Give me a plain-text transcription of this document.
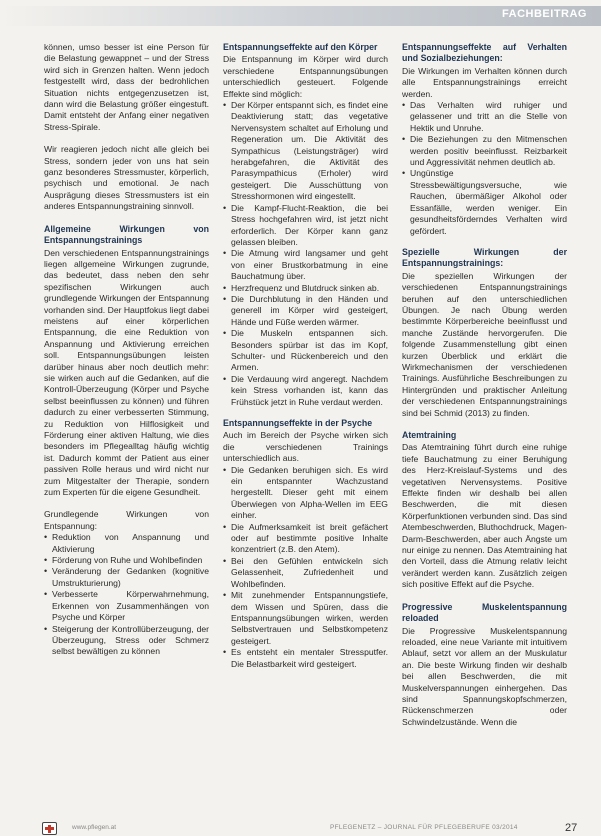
FACHBEITRAG

können, umso besser ist eine Person für die Belastung gewappnet – und der Stress wird sich in Grenzen halten. Wenn jedoch festgestellt wird, dass der bedrohlichen Situation nichts entgegenzusetzen ist, dann wird die Belastung größer eingestuft. Damit entsteht der Anfang einer negativen Stress-Spirale.

Wir reagieren jedoch nicht alle gleich bei Stress, sondern jeder von uns hat sein ganz besonderes Stressmuster, körperlich, psychisch und emotional. Je nach Ausprägung dieses Stressmusters ist ein anderes Entspannungstraining sinnvoll.

Allgemeine Wirkungen von Entspannungstrainings

Den verschiedenen Entspannungstrainings liegen allgemeine Wirkungen zugrunde, das bedeutet, dass neben den sehr spezifischen Wirkungen auch grundlegende Wirkungen der Entspannung vorhanden sind. Der Hauptfokus liegt dabei meistens auf einer körperlichen Entspannung, die eine Reduktion von Anspannung und Aktivierung erreichen soll. Entspannungsübungen leisten darüber hinaus aber noch deutlich mehr: sie wirken auch auf die Gedanken, auf die Kontroll-Überzeugung (Körper und Psyche selbst beeinflussen zu können) und führen dadurch zu einer verbesserten Stimmung, zu Reduktion von Hilflosigkeit und Förderung einer aktiven Haltung, wie dies besonders im Pflegealltag häufig wichtig ist. Dadurch kommt der Patient aus einer passiven Rolle heraus und wird nicht nur zum Mitgestalter der Therapie, sondern zum Experten für die eigene Gesundheit.

Grundlegende Wirkungen von Entspannung:

• Reduktion von Anspannung und Aktivierung
• Förderung von Ruhe und Wohlbefinden
• Veränderung der Gedanken (kognitive Umstrukturierung)
• Verbesserte Körperwahrnehmung, Erkennen von Zusammenhängen von Psyche und Körper
• Steigerung der Kontrollüberzeugung, der Überzeugung, Stress oder Schmerz selbst bewältigen zu können
Entspannungseffekte auf den Körper

Die Entspannung im Körper wird durch verschiedene Entspannungsübungen unterschiedlich gesteuert. Folgende Effekte sind möglich:

• Der Körper entspannt sich, es findet eine Deaktivierung statt; das vegetative Nervensystem schaltet auf Erholung und Regeneration um. Die Aktivität des Sympathicus (Leistungsträger) wird herabgefahren, die Aktivität des Parasympathicus (Erholer) wird gesteigert. Die Ausschüttung von Stresshormonen wird eingestellt.
• Die Kampf-Flucht-Reaktion, die bei Stress hochgefahren wird, ist jetzt nicht erforderlich. Der Körper kann ganz gelassen bleiben.
• Die Atmung wird langsamer und geht von einer Brustkorbatmung in eine Bauchatmung über.
• Herzfrequenz und Blutdruck sinken ab.
• Die Durchblutung in den Händen und generell im Körper wird gesteigert, Hände und Füße werden wärmer.
• Die Muskeln entspannen sich. Besonders spürbar ist das im Kopf, Schulter- und Rückenbereich und den Armen.
• Die Verdauung wird angeregt. Nachdem kein Stress vorhanden ist, kann das Frühstück jetzt in Ruhe verdaut werden.
Entspannungseffekte in der Psyche

Auch im Bereich der Psyche wirken sich die verschiedenen Trainings unterschiedlich aus.

• Die Gedanken beruhigen sich. Es wird ein entspannter Wachzustand hergestellt. Dieser geht mit einem Überwiegen von Alpha-Wellen im EEG einher.
• Die Aufmerksamkeit ist breit gefächert oder auf bestimmte positive Inhalte konzentriert (z.B. den Atem).
• Bei den Gefühlen entwickeln sich Gelassenheit, Zufriedenheit und Wohlbefinden.
• Mit zunehmender Entspannungstiefe, dem Wissen und Spüren, dass die Entspannungsübungen wirken, werden Selbstvertrauen und Selbstkompetenz gesteigert.
• Es entsteht ein mentaler Stressputfer. Die Belastbarkeit wird gesteigert.
Entspannungseffekte auf Verhalten und Sozialbeziehungen:

Die Wirkungen im Verhalten können durch alle Entspannungstrainings erreicht werden.

• Das Verhalten wird ruhiger und gelassener und tritt an die Stelle von Hektik und Unruhe.
• Die Beziehungen zu den Mitmenschen werden positiv beeinflusst. Reizbarkeit und Aggressivität nehmen deutlich ab.
• Ungünstige Stressbewältigungsversuche, wie Rauchen, übermäßiger Alkohol oder Essanfälle, werden weniger. Ein gesundheitsförderndes Verhalten wird gefördert.
Spezielle Wirkungen der Entspannungstrainings:

Die speziellen Wirkungen der verschiedenen Entspannungstrainings beruhen auf den unterschiedlichen Übungen. Je nach Übung werden bestimmte Körperbereiche beeinflusst und manche Zustände hervorgerufen. Die folgende Zusammenstellung gibt einen kurzen Überblick und erklärt die Wirkmechanismen der verschiedenen Trainings. Ausführliche Beschreibungen zu Hintergründen und praktischer Anleitung der verschiedenen Entspannungstrainings sind bei Schmid (2013) zu finden.

Atemtraining

Das Atemtraining führt durch eine ruhige tiefe Bauchatmung zu einer Beruhigung des Herz-Kreislauf-Systems und des vegetativen Nervensystems. Positive Effekte finden wir deshalb bei allen Beschwerden, die mit diesen Körperfunktionen verbunden sind. Das sind Atembeschwerden, Bluthochdruck, Magen-Darm-Beschwerden, aber auch Ängste um nur einige zu nennen. Das Atemtraining hat den Vorteil, dass die Atmung relativ leicht verändert werden kann. Zusätzlich zeigen sich positive Effekt auf die Psyche.

Progressive Muskelentspannung reloaded

Die Progressive Muskelentspannung reloaded, eine neue Variante mit intuitivem Ablauf, setzt vor allem an der Muskulatur an. Die beste Wirkung finden wir deshalb bei allen Beschwerden, die mit Muskelverspannungen einhergehen. Das sind Spannungskopfschmerzen, Rückenschmerzen oder Schwindelzustände. Wenn die

www.pflegen.at	PFLEGENETZ – JOURNAL FÜR PFLEGEBERUFE 03/2014	27
